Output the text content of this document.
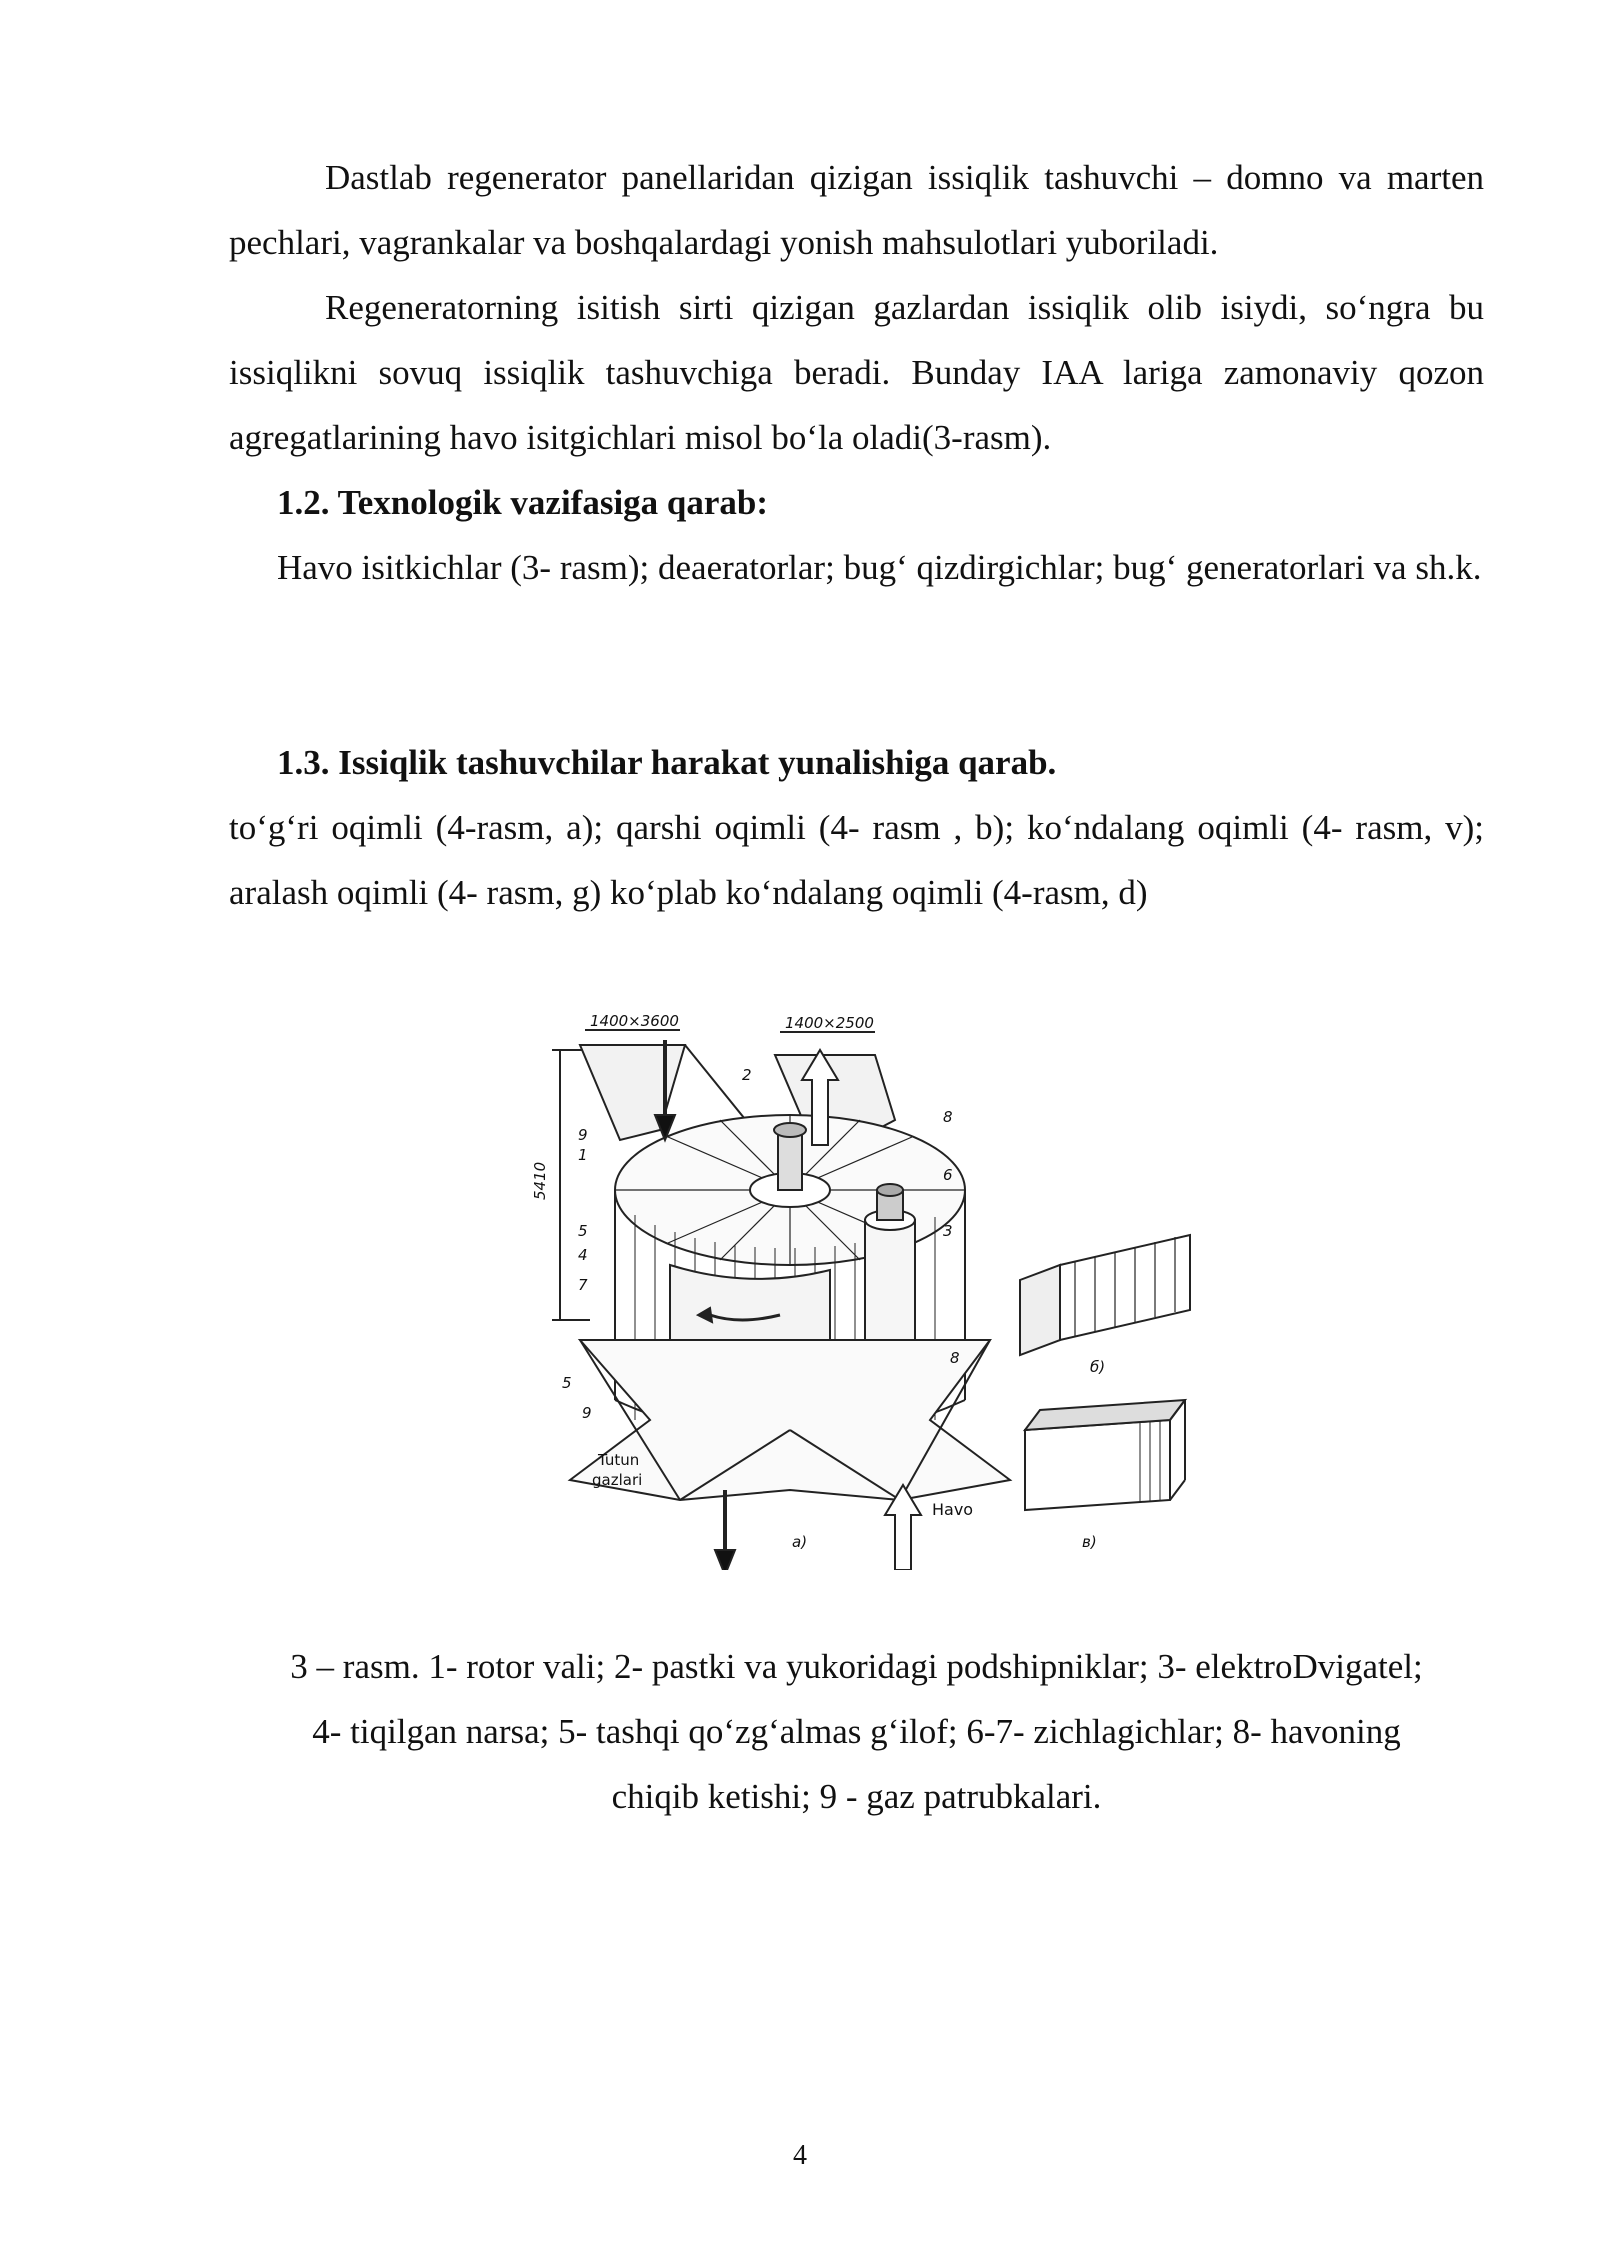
Dastlab regenerator panellaridan qizigan issiqlik tashuvchi – domno va marten pechlari, vagrankalar va boshqalardagi yonish mahsulotlari yuboriladi.

Regeneratorning isitish sirti qizigan gazlardan issiqlik olib isiydi, so‘ngra bu issiqlikni sovuq issiqlik tashuvchiga beradi. Bunday IAA lariga zamonaviy qozon agregatlarining havo isitgichlari misol bo‘la oladi(3-rasm).

1.2. Texnologik vazifasiga qarab:

Havo isitkichlar (3- rasm); deaeratorlar; bug‘ qizdirgichlar; bug‘ generatorlari va sh.k.

1.3. Issiqlik tashuvchilar harakat yunalishiga qarab.

to‘g‘ri oqimli (4-rasm, a); qarshi oqimli (4- rasm , b); ko‘ndalang oqimli (4- rasm, v); aralash oqimli (4- rasm, g) ko‘plab ko‘ndalang oqimli (4-rasm, d)

1400×3600	1400×2500
5410
2
9
1
5
4
7
5
9
8
6
3
8
Tutun gazlari
Havo
a)
б)
в)

3 – rasm. 1- rotor vali; 2- pastki va yukoridagi podshipniklar; 3- elektroDvigatel;

4- tiqilgan narsa; 5- tashqi qo‘zg‘almas g‘ilof; 6-7- zichlagichlar; 8- havoning

chiqib ketishi; 9 - gaz patrubkalari.

4
